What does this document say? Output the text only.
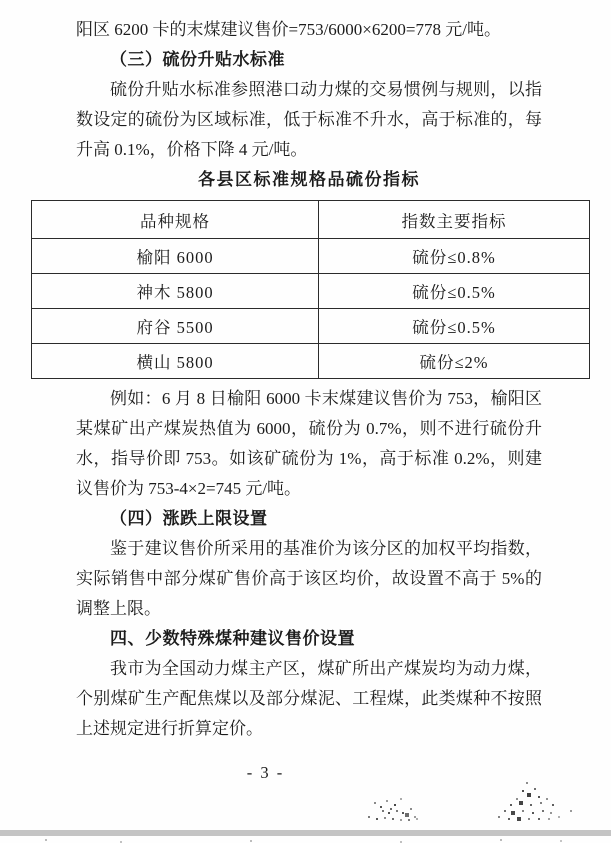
阳区 6200 卡的末煤建议售价=753/6000×6200=778 元/吨。

（三）硫份升贴水标准

硫份升贴水标准参照港口动力煤的交易惯例与规则，以指数设定的硫份为区域标准，低于标准不升水，高于标准的，每升高 0.1%，价格下降 4 元/吨。

各县区标准规格品硫份指标

品种规格	指数主要指标
榆阳 6000	硫份≤0.8%
神木 5800	硫份≤0.5%
府谷 5500	硫份≤0.5%
横山 5800	硫份≤2%

例如：6 月 8 日榆阳 6000 卡末煤建议售价为 753，榆阳区某煤矿出产煤炭热值为 6000，硫份为 0.7%，则不进行硫份升水，指导价即 753。如该矿硫份为 1%，高于标准 0.2%，则建议售价为 753-4×2=745 元/吨。

（四）涨跌上限设置

鉴于建议售价所采用的基准价为该分区的加权平均指数，实际销售中部分煤矿售价高于该区均价，故设置不高于 5%的调整上限。

四、少数特殊煤种建议售价设置

我市为全国动力煤主产区，煤矿所出产煤炭均为动力煤，个别煤矿生产配焦煤以及部分煤泥、工程煤，此类煤种不按照上述规定进行折算定价。

- 3 -
